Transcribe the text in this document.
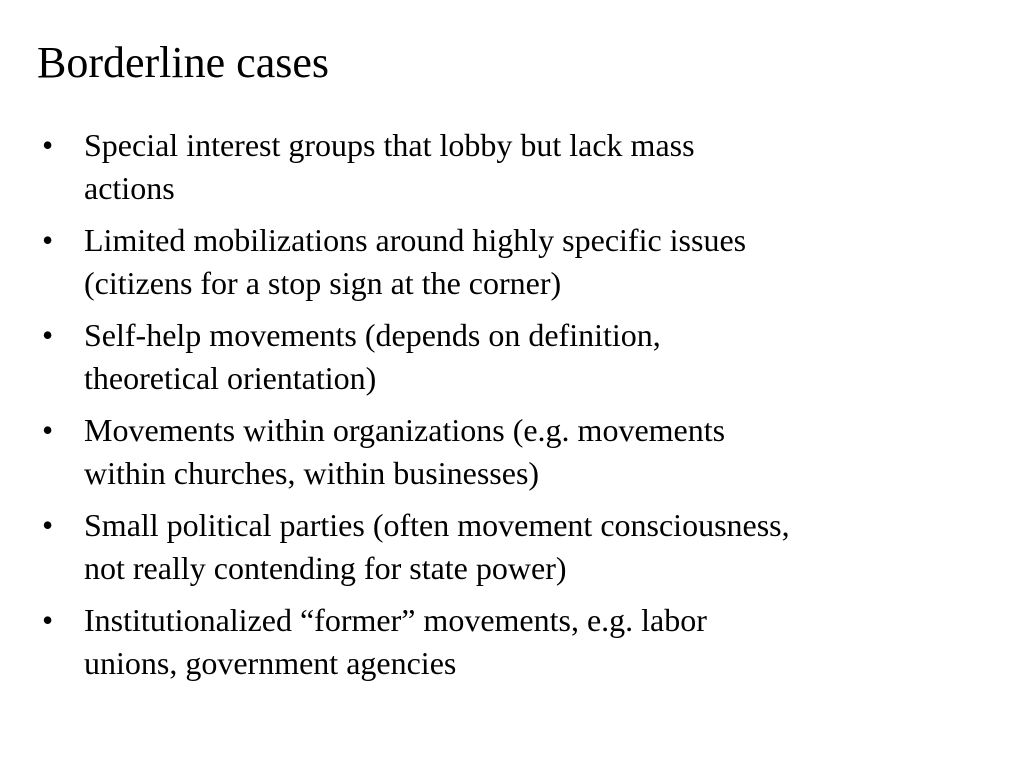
Borderline cases
• Special interest groups that lobby but lack mass
actions
• Limited mobilizations around highly specific issues
(citizens for a stop sign at the corner)
• Self-help movements (depends on definition,
theoretical orientation)
• Movements within organizations (e.g. movements
within churches, within businesses)
• Small political parties (often movement consciousness,
not really contending for state power)
• Institutionalized “former” movements, e.g. labor
unions, government agencies
